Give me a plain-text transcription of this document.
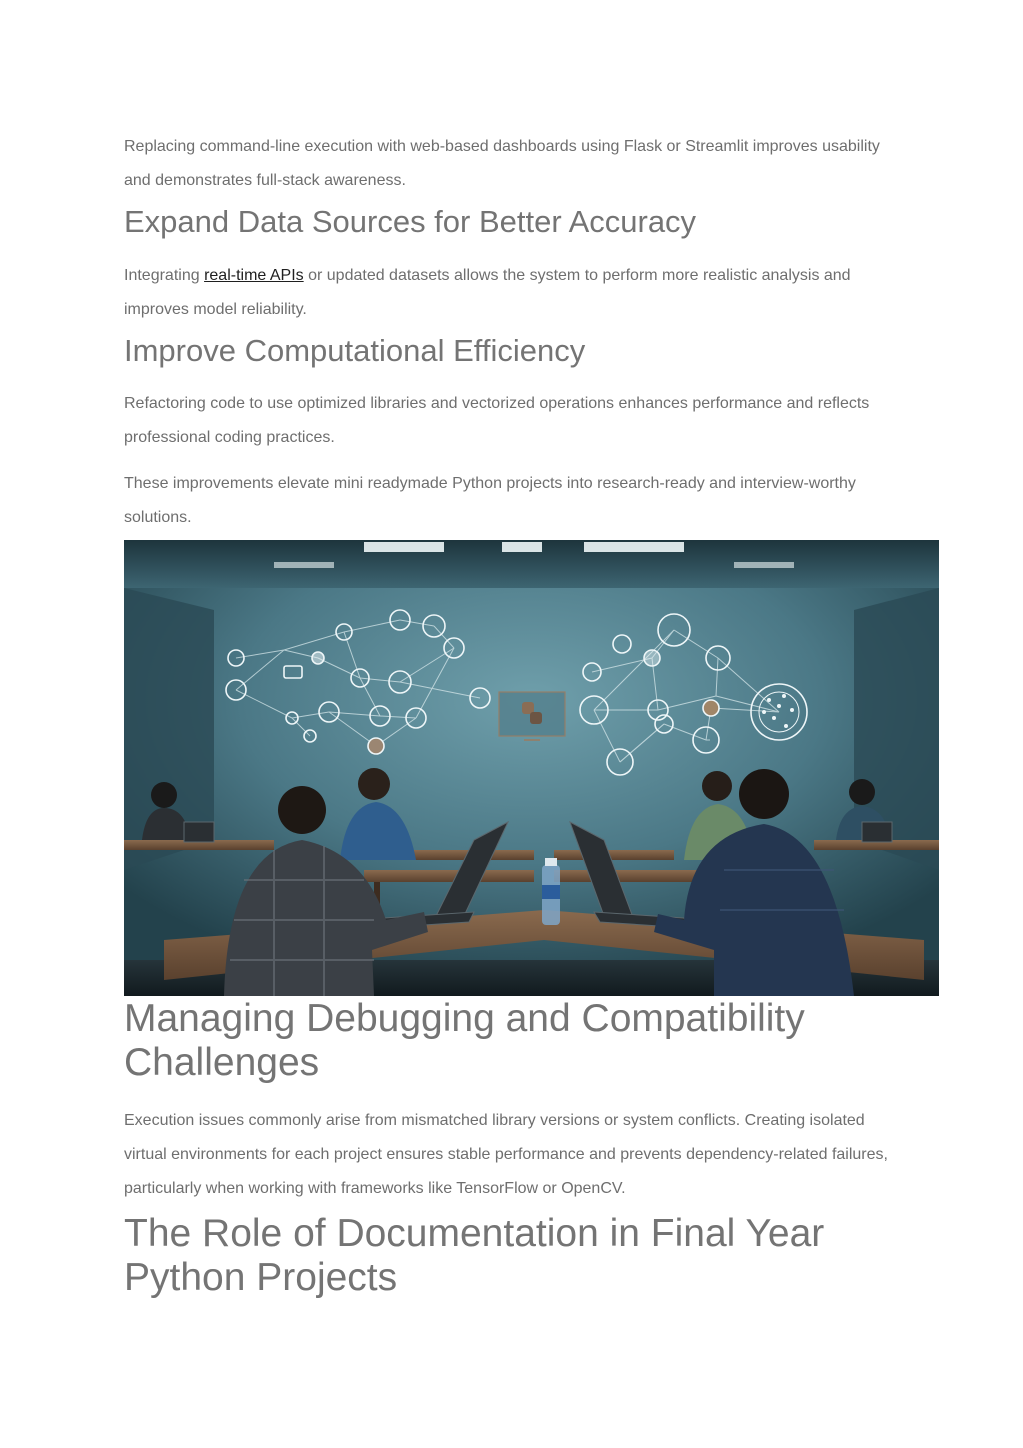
Replacing command-line execution with web-based dashboards using Flask or Streamlit improves usability and demonstrates full-stack awareness.

Expand Data Sources for Better Accuracy

Integrating real-time APIs or updated datasets allows the system to perform more realistic analysis and improves model reliability.

Improve Computational Efficiency

Refactoring code to use optimized libraries and vectorized operations enhances performance and reflects professional coding practices.

These improvements elevate mini readymade Python projects into research-ready and interview-worthy solutions.

Managing Debugging and Compatibility Challenges

Execution issues commonly arise from mismatched library versions or system conflicts. Creating isolated virtual environments for each project ensures stable performance and prevents dependency-related failures, particularly when working with frameworks like TensorFlow or OpenCV.

The Role of Documentation in Final Year Python Projects
